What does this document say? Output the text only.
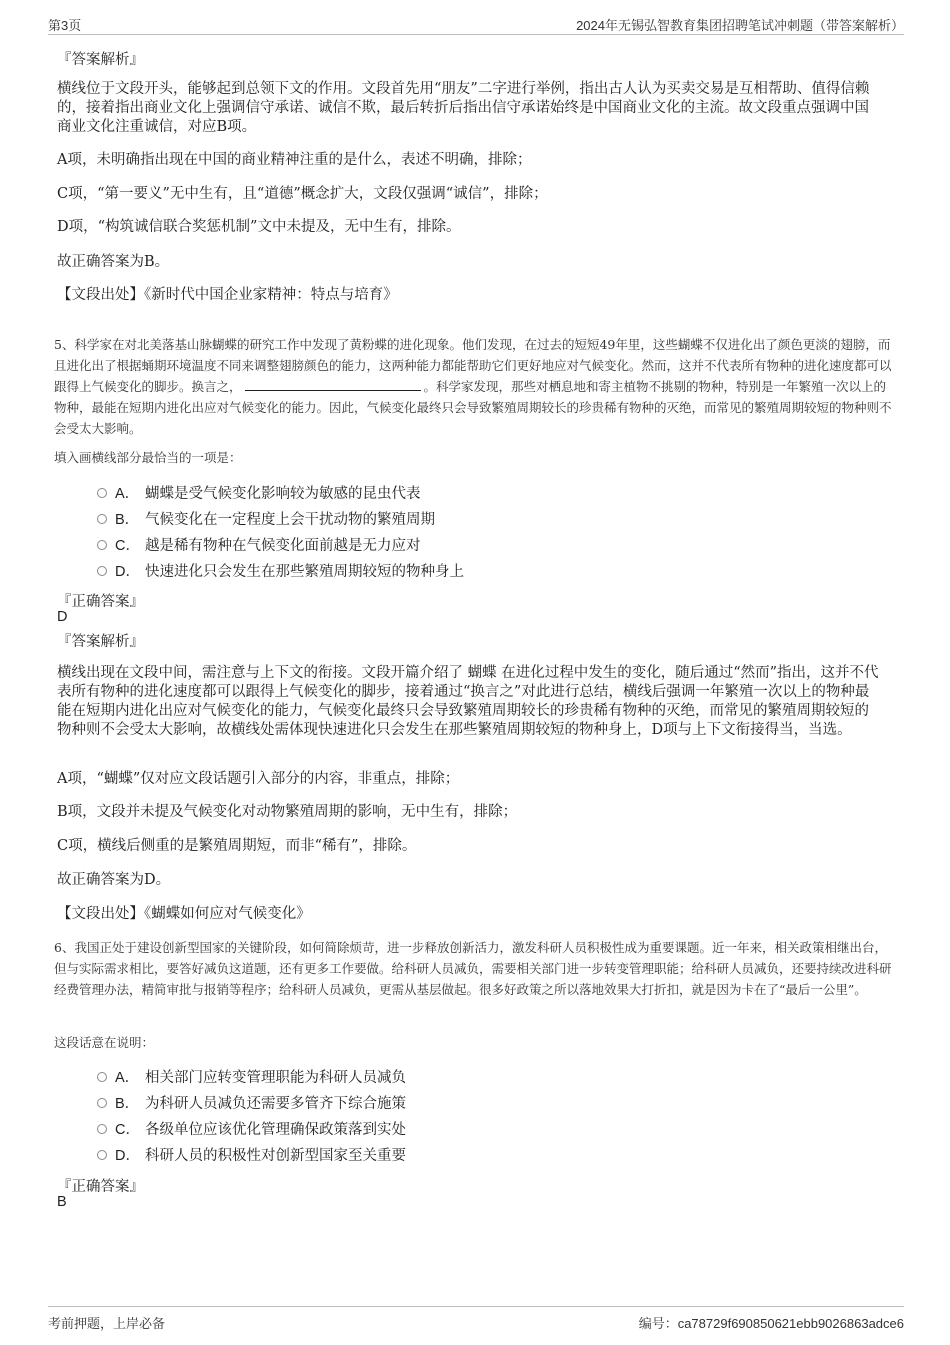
第3页	2024年无锡弘智教育集团招聘笔试冲刺题（带答案解析）
『答案解析』
横线位于文段开头，能够起到总领下文的作用。文段首先用“朋友”二字进行举例，指出古人认为买卖交易是互相帮助、值得信赖的，接着指出商业文化上强调信守承诺、诚信不欺，最后转折后指出信守承诺始终是中国商业文化的主流。故文段重点强调中国商业文化注重诚信，对应B项。
A项，未明确指出现在中国的商业精神注重的是什么，表述不明确，排除；
C项，“第一要义”无中生有，且“道德”概念扩大，文段仅强调“诚信”，排除；
D项，“构筑诚信联合奖惩机制”文中未提及，无中生有，排除。
故正确答案为B。
【文段出处】《新时代中国企业家精神：特点与培育》
5、科学家在对北美落基山脉蝴蝶的研究工作中发现了黄粉蝶的进化现象。他们发现，在过去的短短49年里，这些蝴蝶不仅进化出了颜色更淡的翅膀，而且进化出了根据蛹期环境温度不同来调整翅膀颜色的能力，这两种能力都能帮助它们更好地应对气候变化。然而，这并不代表所有物种的进化速度都可以跟得上气候变化的脚步。换言之，	。科学家发现，那些对栖息地和寄主植物不挑剔的物种，特别是一年繁殖一次以上的物种，最能在短期内进化出应对气候变化的能力。因此，气候变化最终只会导致繁殖周期较长的珍贵稀有物种的灭绝，而常见的繁殖周期较短的物种则不会受太大影响。
填入画横线部分最恰当的一项是：
A． 蝴蝶是受气候变化影响较为敏感的昆虫代表
B． 气候变化在一定程度上会干扰动物的繁殖周期
C． 越是稀有物种在气候变化面前越是无力应对
D． 快速进化只会发生在那些繁殖周期较短的物种身上
『正确答案』
D
『答案解析』
横线出现在文段中间，需注意与上下文的衔接。文段开篇介绍了 蝴蝶 在进化过程中发生的变化，随后通过“然而”指出，这并不代表所有物种的进化速度都可以跟得上气候变化的脚步，接着通过“换言之”对此进行总结，横线后强调一年繁殖一次以上的物种最能在短期内进化出应对气候变化的能力，气候变化最终只会导致繁殖周期较长的珍贵稀有物种的灭绝，而常见的繁殖周期较短的物种则不会受太大影响，故横线处需体现快速进化只会发生在那些繁殖周期较短的物种身上，D项与上下文衔接得当，当选。
A项，“蝴蝶”仅对应文段话题引入部分的内容，非重点，排除；
B项，文段并未提及气候变化对动物繁殖周期的影响，无中生有，排除；
C项，横线后侧重的是繁殖周期短，而非“稀有”，排除。
故正确答案为D。
【文段出处】《蝴蝶如何应对气候变化》
6、我国正处于建设创新型国家的关键阶段，如何简除烦苛，进一步释放创新活力，激发科研人员积极性成为重要课题。近一年来，相关政策相继出台，但与实际需求相比，要答好减负这道题，还有更多工作要做。给科研人员减负，需要相关部门进一步转变管理职能；给科研人员减负，还要持续改进科研经费管理办法，精简审批与报销等程序；给科研人员减负，更需从基层做起。很多好政策之所以落地效果大打折扣，就是因为卡在了“最后一公里”。
这段话意在说明：
A． 相关部门应转变管理职能为科研人员减负
B． 为科研人员减负还需要多管齐下综合施策
C． 各级单位应该优化管理确保政策落到实处
D． 科研人员的积极性对创新型国家至关重要
『正确答案』
B
考前押题，上岸必备	编号：ca78729f690850621ebb9026863adce6
